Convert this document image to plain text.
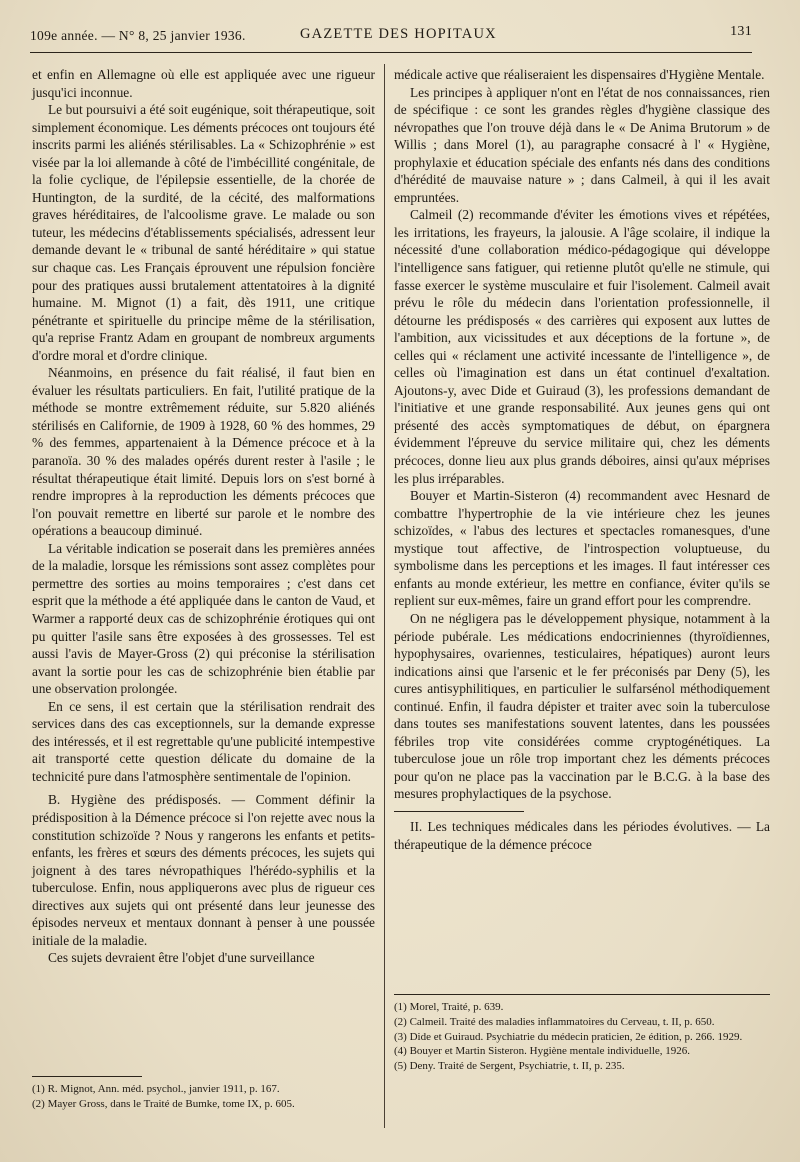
109e année. — N° 8, 25 janvier 1936.	GAZETTE DES HOPITAUX	131

et enfin en Allemagne où elle est appliquée avec une rigueur jusqu'ici inconnue.

Le but poursuivi a été soit eugénique, soit thérapeutique, soit simplement économique. Les déments précoces ont toujours été inscrits parmi les aliénés stérilisables. La « Schizophrénie » est visée par la loi allemande à côté de l'imbécillité congénitale, de la folie cyclique, de l'épilepsie essentielle, de la chorée de Huntington, de la surdité, de la cécité, des malformations graves héréditaires, de l'alcoolisme grave. Le malade ou son tuteur, les médecins d'établissements spécialisés, adressent leur demande devant le « tribunal de santé héréditaire » qui statue sur chaque cas. Les Français éprouvent une répulsion foncière pour des pratiques aussi brutalement attentatoires à la dignité humaine. M. Mignot (1) a fait, dès 1911, une critique pénétrante et spirituelle du principe même de la stérilisation, qu'a reprise Frantz Adam en groupant de nombreux arguments d'ordre moral et d'ordre clinique.

Néanmoins, en présence du fait réalisé, il faut bien en évaluer les résultats particuliers. En fait, l'utilité pratique de la méthode se montre extrêmement réduite, sur 5.820 aliénés stérilisés en Californie, de 1909 à 1928, 60 % des hommes, 29 % des femmes, appartenaient à la Démence précoce et à la paranoïa. 30 % des malades opérés durent rester à l'asile ; le résultat thérapeutique était limité. Depuis lors on s'est borné à rendre impropres à la reproduction les déments précoces que l'on pouvait remettre en liberté sur parole et le nombre des opérations a beaucoup diminué.

La véritable indication se poserait dans les premières années de la maladie, lorsque les rémissions sont assez complètes pour permettre des sorties au moins temporaires ; c'est dans cet esprit que la méthode a été appliquée dans le canton de Vaud, et Warmer a rapporté deux cas de schizophrénie érotiques qui ont pu quitter l'asile sans être exposées à des grossesses. Tel est aussi l'avis de Mayer-Gross (2) qui préconise la stérilisation avant la sortie pour les cas de schizophrénie bien établie par une observation prolongée.

En ce sens, il est certain que la stérilisation rendrait des services dans des cas exceptionnels, sur la demande expresse des intéressés, et il est regrettable qu'une publicité intempestive ait transporté cette question délicate du domaine de la technicité pure dans l'atmosphère sentimentale de l'opinion.

B. Hygiène des prédisposés. — Comment définir la prédisposition à la Démence précoce si l'on rejette avec nous la constitution schizoïde ? Nous y rangerons les enfants et petits-enfants, les frères et sœurs des déments précoces, les sujets qui joignent à des tares névropathiques l'hérédo-syphilis et la tuberculose. Enfin, nous appliquerons avec plus de rigueur ces directives aux sujets qui ont présenté dans leur jeunesse des épisodes nerveux et mentaux donnant à penser à une poussée initiale de la maladie.

Ces sujets devraient être l'objet d'une surveillance

(1) R. Mignot, Ann. méd. psychol., janvier 1911, p. 167.

(2) Mayer Gross, dans le Traité de Bumke, tome IX, p. 605.

médicale active que réaliseraient les dispensaires d'Hygiène Mentale.

Les principes à appliquer n'ont en l'état de nos connaissances, rien de spécifique : ce sont les grandes règles d'hygiène classique des névropathes que l'on trouve déjà dans le « De Anima Brutorum » de Willis ; dans Morel (1), au paragraphe consacré à l' « Hygiène, prophylaxie et éducation spéciale des enfants nés dans des conditions d'hérédité de mauvaise nature » ; dans Calmeil, à qui il les avait empruntées.

Calmeil (2) recommande d'éviter les émotions vives et répétées, les irritations, les frayeurs, la jalousie. A l'âge scolaire, il indique la nécessité d'une collaboration médico-pédagogique qui développe l'intelligence sans fatiguer, qui retienne plutôt qu'elle ne stimule, qui fasse exercer le système musculaire et fuir l'isolement. Calmeil avait prévu le rôle du médecin dans l'orientation professionnelle, il détourne les prédisposés « des carrières qui exposent aux luttes de l'ambition, aux vicissitudes et aux déceptions de la fortune », de celles qui « réclament une activité incessante de l'intelligence », de celles où l'imagination est dans un état continuel d'exaltation. Ajoutons-y, avec Dide et Guiraud (3), les professions demandant de l'initiative et une grande responsabilité. Aux jeunes gens qui ont présenté des accès symptomatiques de début, on épargnera évidemment l'épreuve du service militaire qui, chez les déments précoces, donne lieu aux plus grands déboires, ainsi qu'aux méprises les plus irréparables.

Bouyer et Martin-Sisteron (4) recommandent avec Hesnard de combattre l'hypertrophie de la vie intérieure chez les jeunes schizoïdes, « l'abus des lectures et spectacles romanesques, d'une mystique tout affective, de l'introspection voluptueuse, du symbolisme dans les perceptions et les images. Il faut intéresser ces enfants au monde extérieur, les mettre en confiance, éviter qu'ils se replient sur eux-mêmes, faire un grand effort pour les comprendre.

On ne négligera pas le développement physique, notamment à la période pubérale. Les médications endocriniennes (thyroïdiennes, hypophysaires, ovariennes, testiculaires, hépatiques) auront leurs indications ainsi que l'arsenic et le fer préconisés par Deny (5), les cures antisyphilitiques, en particulier le sulfarsénol méthodiquement continué. Enfin, il faudra dépister et traiter avec soin la tuberculose dans toutes ses manifestations souvent latentes, dans les poussées fébriles trop vite considérées comme cryptogénétiques. La tuberculose joue un rôle trop important chez les déments précoces pour qu'on ne place pas la vaccination par le B.C.G. à la base des mesures prophylactiques de la psychose.

II. Les techniques médicales dans les périodes évolutives. — La thérapeutique de la démence précoce

(1) Morel, Traité, p. 639.

(2) Calmeil. Traité des maladies inflammatoires du Cerveau, t. II, p. 650.

(3) Dide et Guiraud. Psychiatrie du médecin praticien, 2e édition, p. 266. 1929.

(4) Bouyer et Martin Sisteron. Hygiène mentale individuelle, 1926.

(5) Deny. Traité de Sergent, Psychiatrie, t. II, p. 235.
